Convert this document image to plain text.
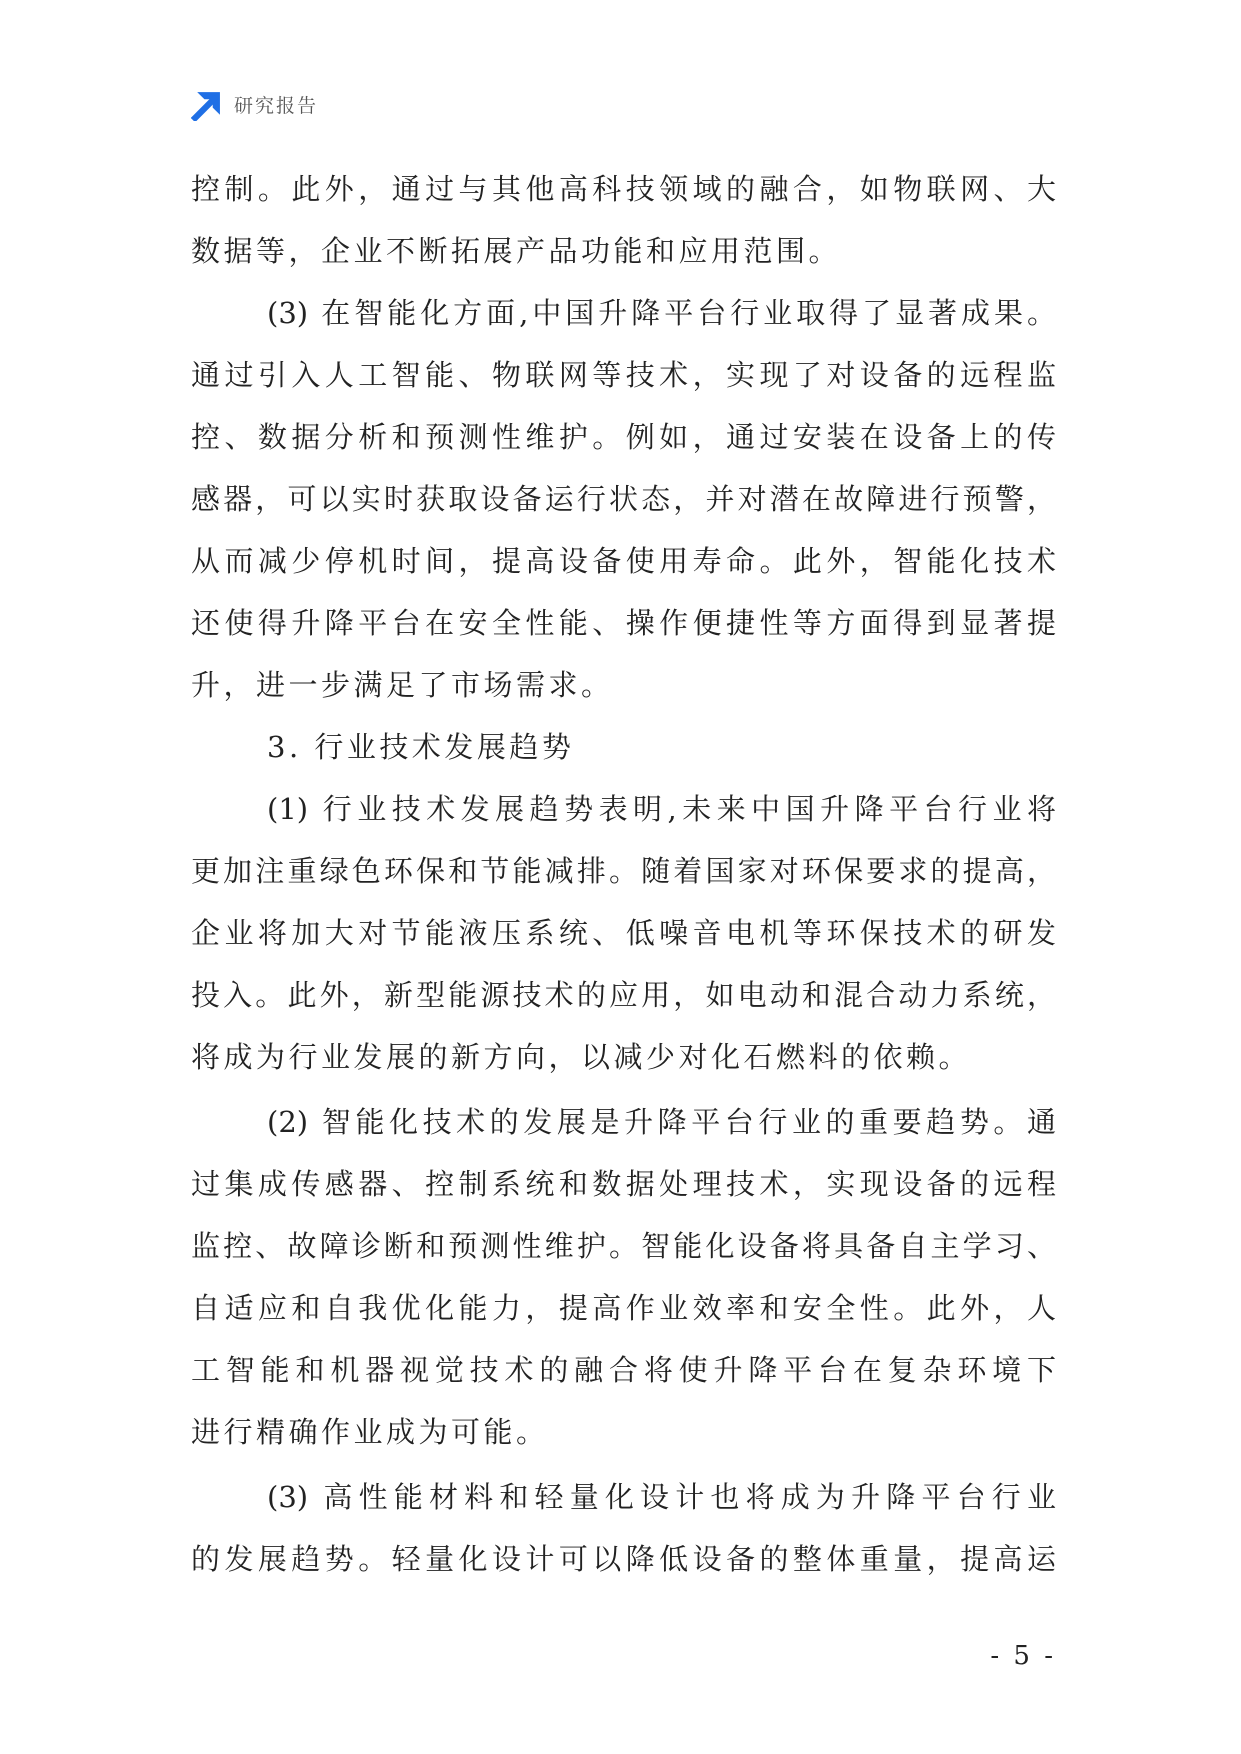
研究报告
控制。此外，通过与其他高科技领域的融合，如物联网、大
数据等，企业不断拓展产品功能和应用范围。
(3) 在智能化方面,中国升降平台行业取得了显著成果。
通过引入人工智能、物联网等技术，实现了对设备的远程监
控、数据分析和预测性维护。例如，通过安装在设备上的传
感器，可以实时获取设备运行状态，并对潜在故障进行预警，
从而减少停机时间，提高设备使用寿命。此外，智能化技术
还使得升降平台在安全性能、操作便捷性等方面得到显著提
升，进一步满足了市场需求。
3. 行业技术发展趋势
(1) 行业技术发展趋势表明,未来中国升降平台行业将
更加注重绿色环保和节能减排。随着国家对环保要求的提高，
企业将加大对节能液压系统、低噪音电机等环保技术的研发
投入。此外，新型能源技术的应用，如电动和混合动力系统，
将成为行业发展的新方向，以减少对化石燃料的依赖。
(2) 智能化技术的发展是升降平台行业的重要趋势。通
过集成传感器、控制系统和数据处理技术，实现设备的远程
监控、故障诊断和预测性维护。智能化设备将具备自主学习、
自适应和自我优化能力，提高作业效率和安全性。此外，人
工智能和机器视觉技术的融合将使升降平台在复杂环境下
进行精确作业成为可能。
(3) 高性能材料和轻量化设计也将成为升降平台行业
的发展趋势。轻量化设计可以降低设备的整体重量，提高运
- 5 -
